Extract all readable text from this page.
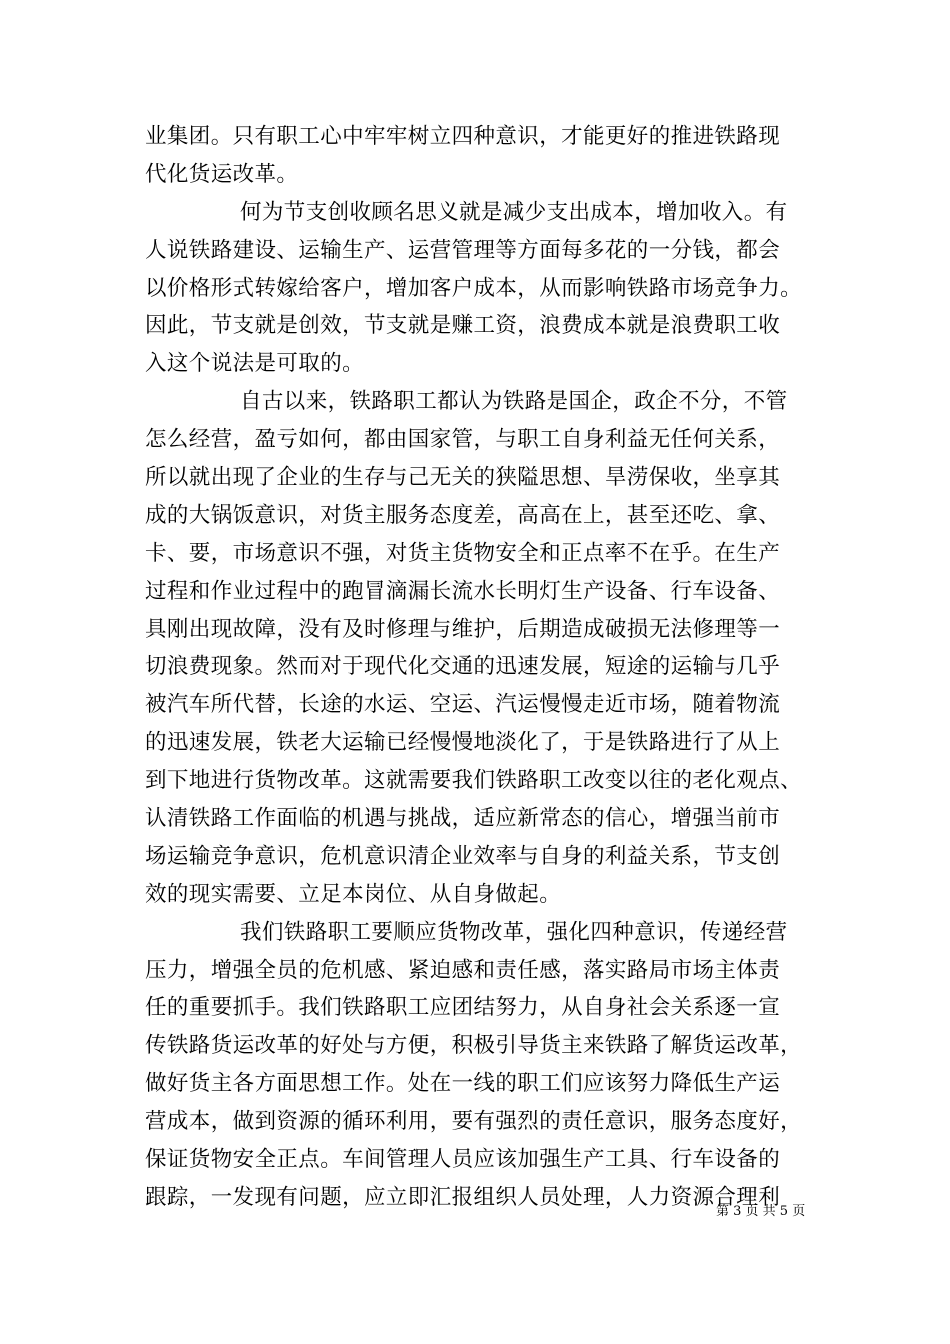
业集团。只有职工心中牢牢树立四种意识，才能更好的推进铁路现
代化货运改革。
何为节支创收顾名思义就是减少支出成本，增加收入。有
人说铁路建设、运输生产、运营管理等方面每多花的一分钱，都会
以价格形式转嫁给客户，增加客户成本，从而影响铁路市场竞争力。
因此，节支就是创效，节支就是赚工资，浪费成本就是浪费职工收
入这个说法是可取的。
自古以来，铁路职工都认为铁路是国企，政企不分，不管
怎么经营，盈亏如何，都由国家管，与职工自身利益无任何关系，
所以就出现了企业的生存与己无关的狭隘思想、旱涝保收，坐享其
成的大锅饭意识，对货主服务态度差，高高在上，甚至还吃、拿、
卡、要，市场意识不强，对货主货物安全和正点率不在乎。在生产
过程和作业过程中的跑冒滴漏长流水长明灯生产设备、行车设备、
具刚出现故障，没有及时修理与维护，后期造成破损无法修理等一
切浪费现象。然而对于现代化交通的迅速发展，短途的运输与几乎
被汽车所代替，长途的水运、空运、汽运慢慢走近市场，随着物流
的迅速发展，铁老大运输已经慢慢地淡化了，于是铁路进行了从上
到下地进行货物改革。这就需要我们铁路职工改变以往的老化观点、
认清铁路工作面临的机遇与挑战，适应新常态的信心，增强当前市
场运输竞争意识，危机意识清企业效率与自身的利益关系，节支创
效的现实需要、立足本岗位、从自身做起。
我们铁路职工要顺应货物改革，强化四种意识，传递经营
压力，增强全员的危机感、紧迫感和责任感，落实路局市场主体责
任的重要抓手。我们铁路职工应团结努力，从自身社会关系逐一宣
传铁路货运改革的好处与方便，积极引导货主来铁路了解货运改革，
做好货主各方面思想工作。处在一线的职工们应该努力降低生产运
营成本，做到资源的循环利用，要有强烈的责任意识，服务态度好，
保证货物安全正点。车间管理人员应该加强生产工具、行车设备的
跟踪，一发现有问题，应立即汇报组织人员处理，人力资源合理利
第 3 页 共 5 页
